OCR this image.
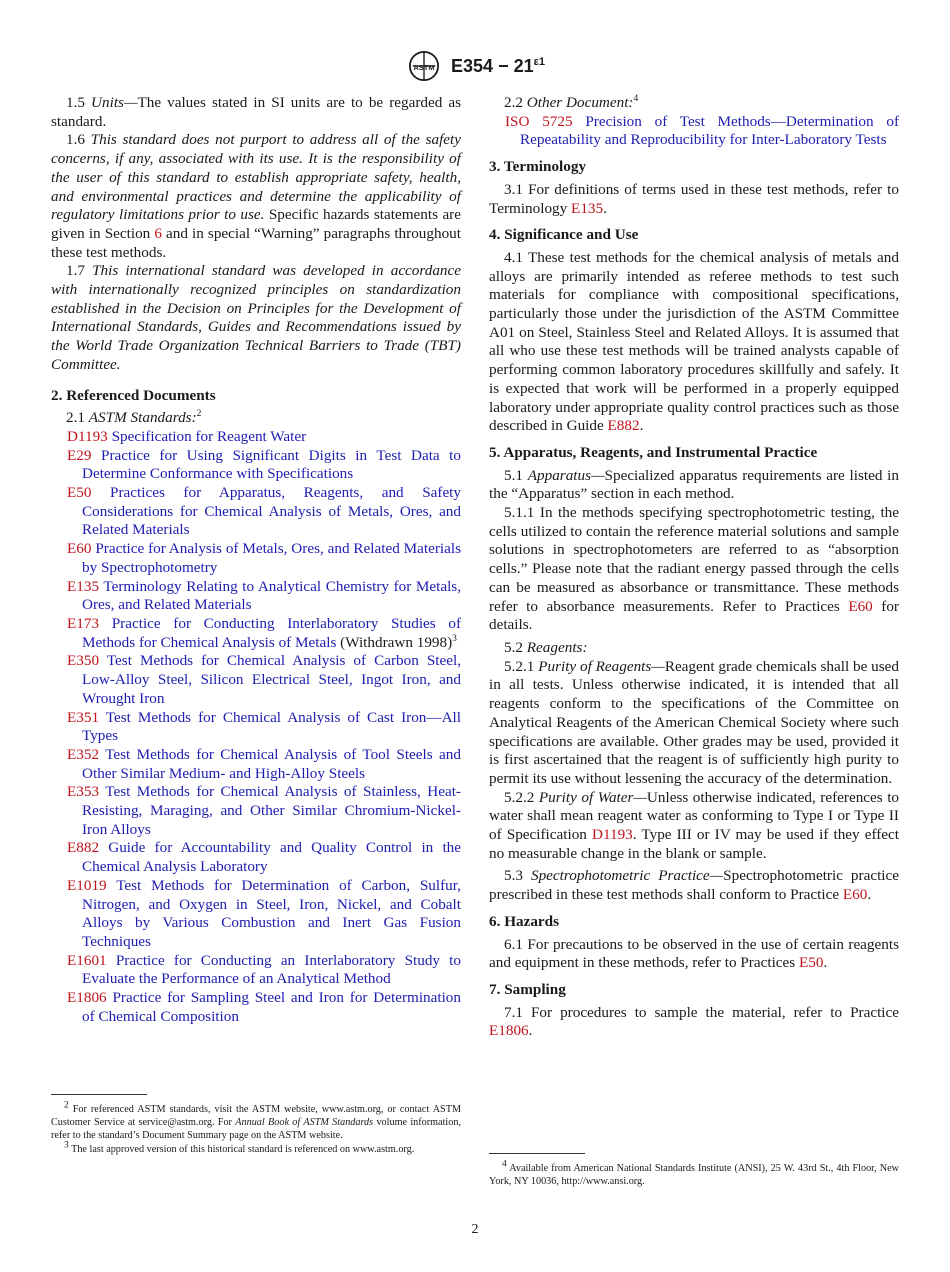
ASTM $E354 - 21^{\varepsilon 1}$

1.5 Units—The values stated in SI units are to be regarded as standard.

1.6 This standard does not purport to address all of the safety concerns, if any, associated with its use. It is the responsibility of the user of this standard to establish appropriate safety, health, and environmental practices and determine the applicability of regulatory limitations prior to use. Specific hazards statements are given in Section 6 and in special “Warning” paragraphs throughout these test methods.

1.7 This international standard was developed in accordance with internationally recognized principles on standardization established in the Decision on Principles for the Development of International Standards, Guides and Recommendations issued by the World Trade Organization Technical Barriers to Trade (TBT) Committee.

2. Referenced Documents

2.1 ASTM Standards:$^2$

D1193 Specification for Reagent Water

E29 Practice for Using Significant Digits in Test Data to Determine Conformance with Specifications

E50 Practices for Apparatus, Reagents, and Safety Considerations for Chemical Analysis of Metals, Ores, and Related Materials

E60 Practice for Analysis of Metals, Ores, and Related Materials by Spectrophotometry

E135 Terminology Relating to Analytical Chemistry for Metals, Ores, and Related Materials

E173 Practice for Conducting Interlaboratory Studies of Methods for Chemical Analysis of Metals (Withdrawn 1998)$^3$

E350 Test Methods for Chemical Analysis of Carbon Steel, Low-Alloy Steel, Silicon Electrical Steel, Ingot Iron, and Wrought Iron

E351 Test Methods for Chemical Analysis of Cast Iron—All Types

E352 Test Methods for Chemical Analysis of Tool Steels and Other Similar Medium- and High-Alloy Steels

E353 Test Methods for Chemical Analysis of Stainless, Heat-Resisting, Maraging, and Other Similar Chromium-Nickel-Iron Alloys

E882 Guide for Accountability and Quality Control in the Chemical Analysis Laboratory

E1019 Test Methods for Determination of Carbon, Sulfur, Nitrogen, and Oxygen in Steel, Iron, Nickel, and Cobalt Alloys by Various Combustion and Inert Gas Fusion Techniques

E1601 Practice for Conducting an Interlaboratory Study to Evaluate the Performance of an Analytical Method

E1806 Practice for Sampling Steel and Iron for Determination of Chemical Composition

$^2$ For referenced ASTM standards, visit the ASTM website, www.astm.org, or contact ASTM Customer Service at service@astm.org. For Annual Book of ASTM Standards volume information, refer to the standard’s Document Summary page on the ASTM website.

$^3$ The last approved version of this historical standard is referenced on www.astm.org.

2.2 Other Document:$^4$

ISO 5725 Precision of Test Methods—Determination of Repeatability and Reproducibility for Inter-Laboratory Tests

3. Terminology

3.1 For definitions of terms used in these test methods, refer to Terminology E135.

4. Significance and Use

4.1 These test methods for the chemical analysis of metals and alloys are primarily intended as referee methods to test such materials for compliance with compositional specifications, particularly those under the jurisdiction of the ASTM Committee A01 on Steel, Stainless Steel and Related Alloys. It is assumed that all who use these test methods will be trained analysts capable of performing common laboratory procedures skillfully and safely. It is expected that work will be performed in a properly equipped laboratory under appropriate quality control practices such as those described in Guide E882.

5. Apparatus, Reagents, and Instrumental Practice

5.1 Apparatus—Specialized apparatus requirements are listed in the “Apparatus” section in each method.

5.1.1 In the methods specifying spectrophotometric testing, the cells utilized to contain the reference material solutions and sample solutions in spectrophotometers are referred to as “absorption cells.” Please note that the radiant energy passed through the cells can be measured as absorbance or transmittance. These methods refer to absorbance measurements. Refer to Practices E60 for details.

5.2 Reagents:

5.2.1 Purity of Reagents—Reagent grade chemicals shall be used in all tests. Unless otherwise indicated, it is intended that all reagents conform to the specifications of the Committee on Analytical Reagents of the American Chemical Society where such specifications are available. Other grades may be used, provided it is first ascertained that the reagent is of sufficiently high purity to permit its use without lessening the accuracy of the determination.

5.2.2 Purity of Water—Unless otherwise indicated, references to water shall mean reagent water as conforming to Type I or Type II of Specification D1193. Type III or IV may be used if they effect no measurable change in the blank or sample.

5.3 Spectrophotometric Practice—Spectrophotometric practice prescribed in these test methods shall conform to Practice E60.

6. Hazards

6.1 For precautions to be observed in the use of certain reagents and equipment in these methods, refer to Practices E50.

7. Sampling

7.1 For procedures to sample the material, refer to Practice E1806.

$^4$ Available from American National Standards Institute (ANSI), 25 W. 43rd St., 4th Floor, New York, NY 10036, http://www.ansi.org.

2
